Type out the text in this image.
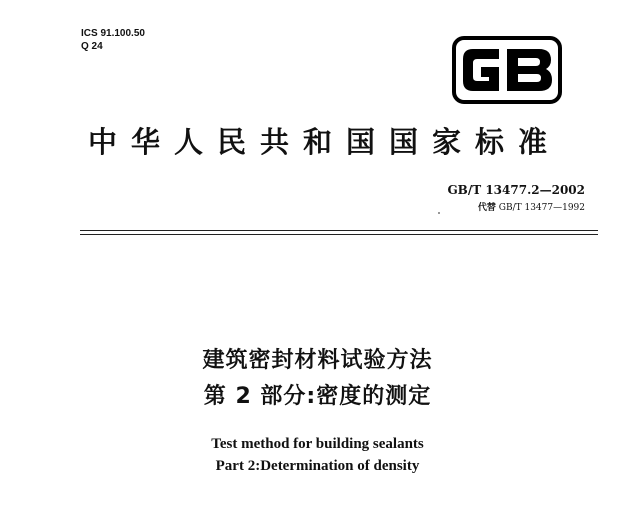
ICS 91.100.50
Q 24
中华人民共和国国家标准
GB/T 13477.2—2002
代替 GB/T 13477—1992
建筑密封材料试验方法
第 2 部分:密度的测定
Test method for building sealants
Part 2:Determination of density
